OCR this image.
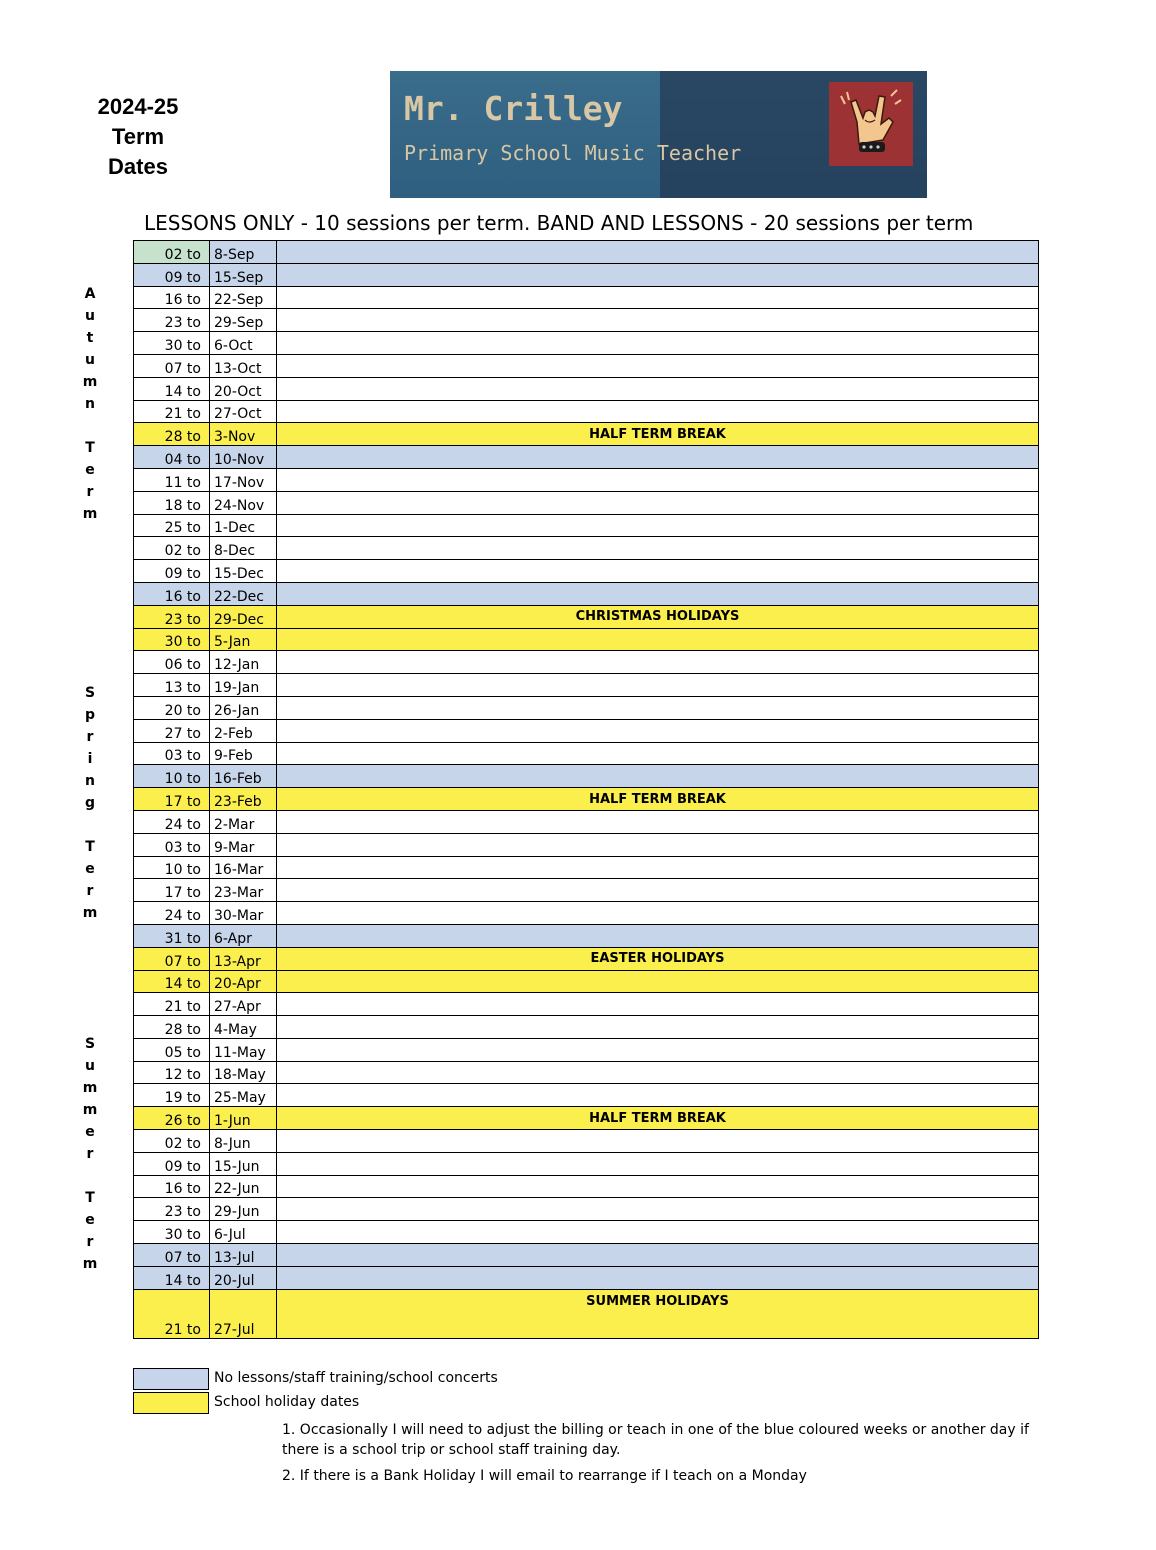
2024-25
Term
Dates
Mr. Crilley
Primary School Music Teacher
LESSONS ONLY - 10 sessions per term. BAND AND LESSONS - 20 sessions per term
A
u
t
u
m
n
T
e
r
m
S
p
r
i
n
g
T
e
r
m
S
u
m
m
e
r
T
e
r
m
02 to	8-Sep	
09 to	15-Sep	
16 to	22-Sep	
23 to	29-Sep	
30 to	6-Oct	
07 to	13-Oct	
14 to	20-Oct	
21 to	27-Oct	
28 to	3-Nov	HALF TERM BREAK
04 to	10-Nov	
11 to	17-Nov	
18 to	24-Nov	
25 to	1-Dec	
02 to	8-Dec	
09 to	15-Dec	
16 to	22-Dec	
23 to	29-Dec	CHRISTMAS HOLIDAYS
30 to	5-Jan	
06 to	12-Jan	
13 to	19-Jan	
20 to	26-Jan	
27 to	2-Feb	
03 to	9-Feb	
10 to	16-Feb	
17 to	23-Feb	HALF TERM BREAK
24 to	2-Mar	
03 to	9-Mar	
10 to	16-Mar	
17 to	23-Mar	
24 to	30-Mar	
31 to	6-Apr	
07 to	13-Apr	EASTER HOLIDAYS
14 to	20-Apr	
21 to	27-Apr	
28 to	4-May	
05 to	11-May	
12 to	18-May	
19 to	25-May	
26 to	1-Jun	HALF TERM BREAK
02 to	8-Jun	
09 to	15-Jun	
16 to	22-Jun	
23 to	29-Jun	
30 to	6-Jul	
07 to	13-Jul	
14 to	20-Jul	
21 to	27-Jul	SUMMER HOLIDAYS
No lessons/staff training/school concerts
School holiday dates

1. Occasionally I will need to adjust the billing or teach in one of the blue coloured weeks or another day if there is a school trip or school staff training day.

2. If there is a Bank Holiday I will email to rearrange if I teach on a Monday
